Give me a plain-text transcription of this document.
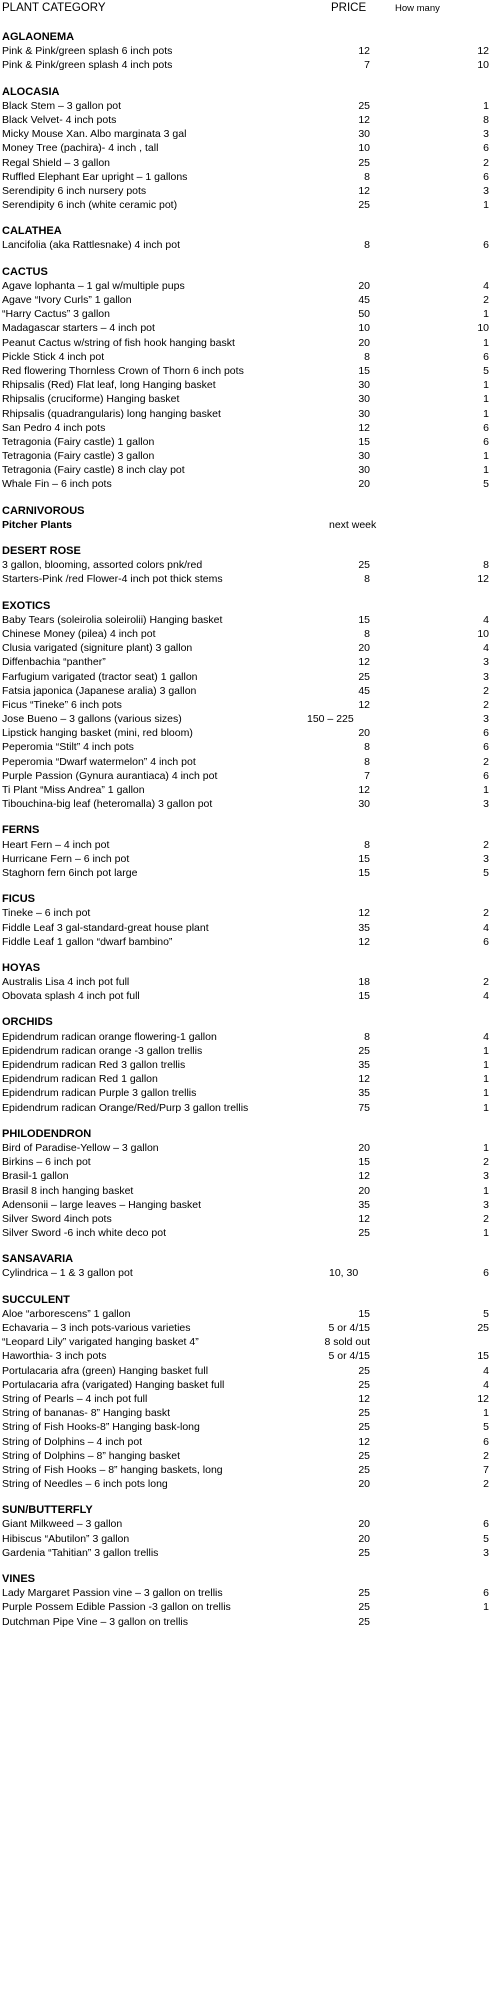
PLANT CATEGORY	PRICE	How many
AGLAONEMA
Pink & Pink/green splash 6 inch pots	12	12
Pink & Pink/green splash 4 inch pots	7	10
ALOCASIA
Black Stem – 3 gallon pot	25	1
Black Velvet- 4 inch pots	12	8
Micky Mouse Xan. Albo marginata 3 gal	30	3
Money Tree (pachira)- 4 inch , tall	10	6
Regal Shield – 3 gallon	25	2
Ruffled Elephant Ear upright – 1 gallons	8	6
Serendipity 6 inch nursery pots	12	3
Serendipity 6 inch (white ceramic pot)	25	1
CALATHEA
Lancifolia (aka Rattlesnake) 4 inch pot	8	6
CACTUS
Agave lophanta – 1 gal w/multiple pups	20	4
Agave “Ivory Curls” 1 gallon	45	2
“Harry Cactus” 3 gallon	50	1
Madagascar starters – 4 inch pot	10	10
Peanut Cactus w/string of fish hook hanging baskt	20	1
Pickle Stick 4 inch pot	8	6
Red flowering Thornless Crown of Thorn 6 inch pots	15	5
Rhipsalis (Red) Flat leaf, long Hanging basket	30	1
Rhipsalis (cruciforme) Hanging basket	30	1
Rhipsalis (quadrangularis) long hanging basket	30	1
San Pedro 4 inch pots	12	6
Tetragonia (Fairy castle) 1 gallon	15	6
Tetragonia (Fairy castle) 3 gallon	30	1
Tetragonia (Fairy castle) 8 inch clay pot	30	1
Whale Fin – 6 inch pots	20	5
CARNIVOROUS
Pitcher Plants	next week
DESERT ROSE
3 gallon, blooming, assorted colors pnk/red	25	8
Starters-Pink /red Flower-4 inch pot thick stems	8	12
EXOTICS
Baby Tears (soleirolia soleirolii) Hanging basket	15	4
Chinese Money (pilea) 4 inch pot	8	10
Clusia varigated (signiture plant) 3 gallon	20	4
Diffenbachia “panther”	12	3
Farfugium varigated (tractor seat) 1 gallon	25	3
Fatsia japonica (Japanese aralia) 3 gallon	45	2
Ficus “Tineke” 6 inch pots	12	2
Jose Bueno – 3 gallons (various sizes)	150 – 225	3
Lipstick hanging basket (mini, red bloom)	20	6
Peperomia “Stilt” 4 inch pots	8	6
Peperomia “Dwarf watermelon” 4 inch pot	8	2
Purple Passion (Gynura aurantiaca) 4 inch pot	7	6
Ti Plant “Miss Andrea” 1 gallon	12	1
Tibouchina-big leaf (heteromalla) 3 gallon pot	30	3
FERNS
Heart Fern – 4 inch pot	8	2
Hurricane Fern – 6 inch pot	15	3
Staghorn fern 6inch pot large	15	5
FICUS
Tineke – 6 inch pot	12	2
Fiddle Leaf 3 gal-standard-great house plant	35	4
Fiddle Leaf 1 gallon “dwarf bambino”	12	6
HOYAS
Australis Lisa 4 inch pot full	18	2
Obovata splash 4 inch pot full	15	4
ORCHIDS
Epidendrum radican orange flowering-1 gallon	8	4
Epidendrum radican orange -3 gallon trellis	25	1
Epidendrum radican Red 3 gallon trellis	35	1
Epidendrum radican Red 1 gallon	12	1
Epidendrum radican Purple 3 gallon trellis	35	1
Epidendrum radican Orange/Red/Purp 3 gallon trellis	75	1
PHILODENDRON
Bird of Paradise-Yellow – 3 gallon	20	1
Birkins – 6 inch pot	15	2
Brasil-1 gallon	12	3
Brasil 8 inch hanging basket	20	1
Adensonii – large leaves – Hanging basket	35	3
Silver Sword 4inch pots	12	2
Silver Sword -6 inch white deco pot	25	1
SANSAVARIA
Cylindrica – 1 & 3 gallon pot	10, 30	6
SUCCULENT
Aloe “arborescens” 1 gallon	15	5
Echavaria – 3 inch pots-various varieties	5 or 4/15	25
“Leopard Lily” varigated hanging basket 4”	8 sold out
Haworthia- 3 inch pots	5 or 4/15	15
Portulacaria afra (green) Hanging basket full	25	4
Portulacaria afra (varigated) Hanging basket full	25	4
String of Pearls – 4 inch pot full	12	12
String of bananas- 8” Hanging baskt	25	1
String of Fish Hooks-8” Hanging bask-long	25	5
String of Dolphins – 4 inch pot	12	6
String of Dolphins – 8” hanging basket	25	2
String of Fish Hooks – 8” hanging baskets, long	25	7
String of Needles – 6 inch pots long	20	2
SUN/BUTTERFLY
Giant Milkweed – 3 gallon	20	6
Hibiscus “Abutilon” 3 gallon	20	5
Gardenia “Tahitian” 3 gallon trellis	25	3
VINES
Lady Margaret Passion vine – 3 gallon on trellis	25	6
Purple Possem Edible Passion -3 gallon on trellis	25	1
Dutchman Pipe Vine – 3 gallon on trellis	25
